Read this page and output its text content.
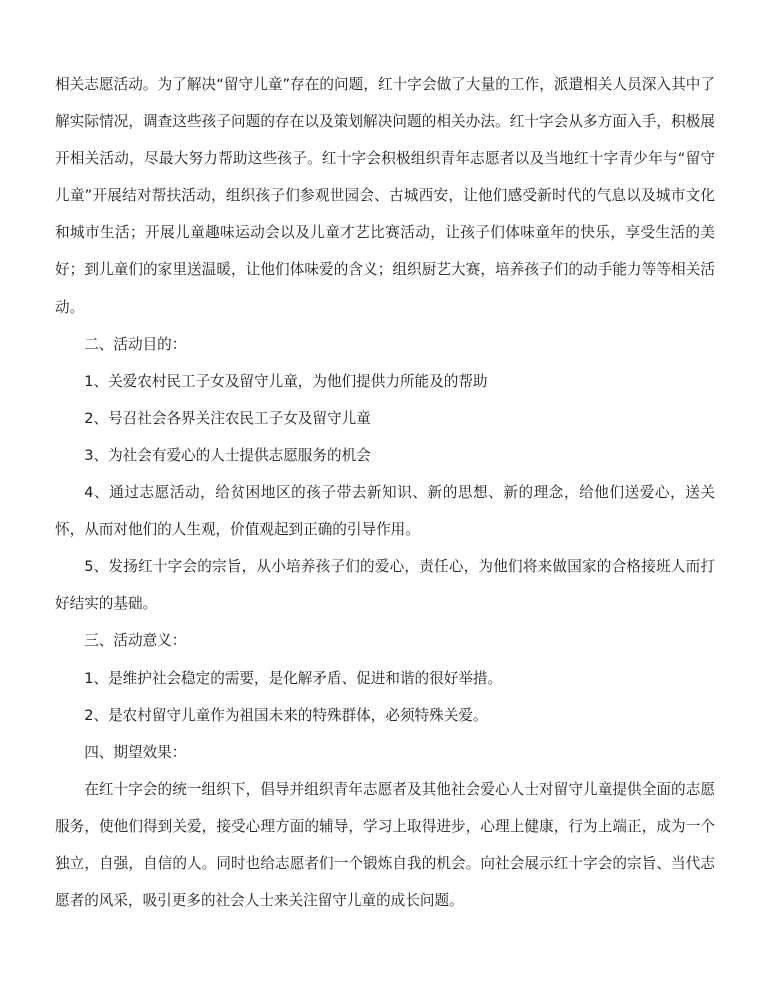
相关志愿活动。为了解决“留守儿童”存在的问题，红十字会做了大量的工作，派遣相关人员深入其中了解实际情况，调查这些孩子问题的存在以及策划解决问题的相关办法。红十字会从多方面入手，积极展开相关活动，尽最大努力帮助这些孩子。红十字会积极组织青年志愿者以及当地红十字青少年与“留守儿童”开展结对帮扶活动，组织孩子们参观世园会、古城西安，让他们感受新时代的气息以及城市文化和城市生活；开展儿童趣味运动会以及儿童才艺比赛活动，让孩子们体味童年的快乐，享受生活的美好；到儿童们的家里送温暖，让他们体味爱的含义；组织厨艺大赛，培养孩子们的动手能力等等相关活动。

二、活动目的：

1、关爱农村民工子女及留守儿童，为他们提供力所能及的帮助

2、号召社会各界关注农民工子女及留守儿童

3、为社会有爱心的人士提供志愿服务的机会

4、通过志愿活动，给贫困地区的孩子带去新知识、新的思想、新的理念，给他们送爱心，送关怀，从而对他们的人生观，价值观起到正确的引导作用。

5、发扬红十字会的宗旨，从小培养孩子们的爱心，责任心，为他们将来做国家的合格接班人而打好结实的基础。

三、活动意义：

1、是维护社会稳定的需要，是化解矛盾、促进和谐的很好举措。

2、是农村留守儿童作为祖国未来的特殊群体，必须特殊关爱。

四、期望效果：

在红十字会的统一组织下，倡导并组织青年志愿者及其他社会爱心人士对留守儿童提供全面的志愿服务，使他们得到关爱，接受心理方面的辅导，学习上取得进步，心理上健康，行为上端正，成为一个独立，自强，自信的人。同时也给志愿者们一个锻炼自我的机会。向社会展示红十字会的宗旨、当代志愿者的风采，吸引更多的社会人士来关注留守儿童的成长问题。
